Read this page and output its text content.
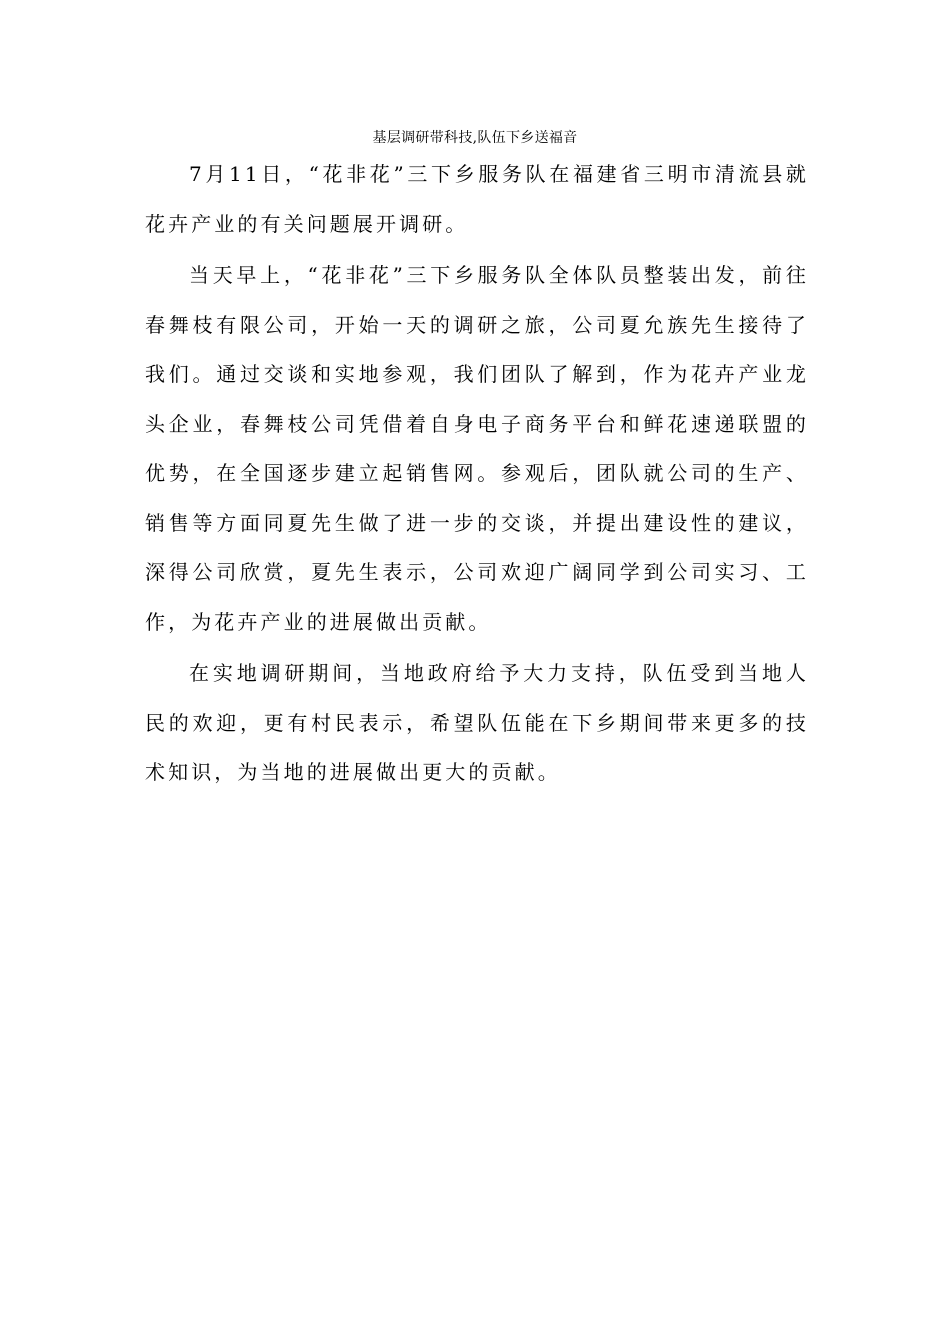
基层调研带科技,队伍下乡送福音

7月11日，“花非花”三下乡服务队在福建省三明市清流县就花卉产业的有关问题展开调研。

当天早上，“花非花”三下乡服务队全体队员整装出发，前往春舞枝有限公司，开始一天的调研之旅，公司夏允族先生接待了我们。通过交谈和实地参观，我们团队了解到，作为花卉产业龙头企业，春舞枝公司凭借着自身电子商务平台和鲜花速递联盟的优势，在全国逐步建立起销售网。参观后，团队就公司的生产、销售等方面同夏先生做了进一步的交谈，并提出建设性的建议，深得公司欣赏，夏先生表示，公司欢迎广阔同学到公司实习、工作，为花卉产业的进展做出贡献。

在实地调研期间，当地政府给予大力支持，队伍受到当地人民的欢迎，更有村民表示，希望队伍能在下乡期间带来更多的技术知识，为当地的进展做出更大的贡献。
